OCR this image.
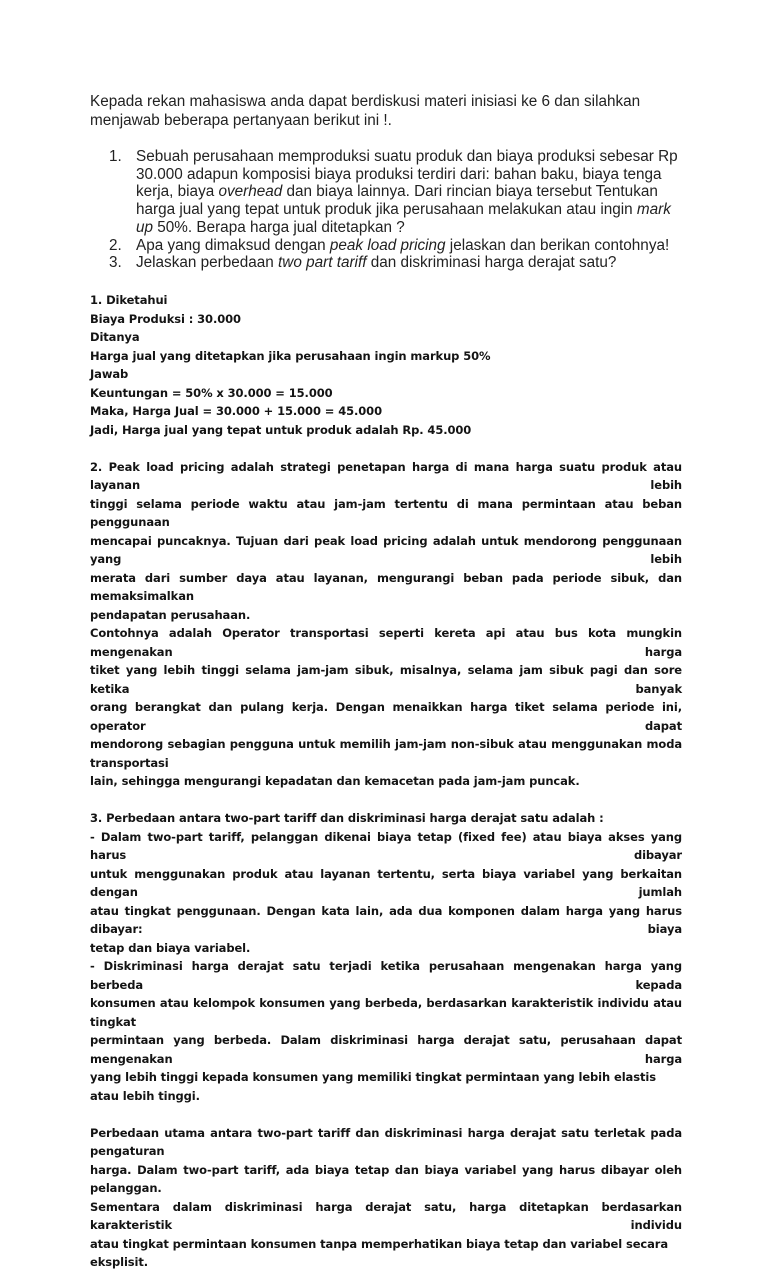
Kepada rekan mahasiswa anda dapat berdiskusi materi inisiasi ke 6 dan silahkan
menjawab beberapa pertanyaan berikut ini !.
1. Sebuah perusahaan memproduksi suatu produk dan biaya produksi sebesar Rp
30.000 adapun komposisi biaya produksi terdiri dari: bahan baku, biaya tenga
kerja, biaya overhead dan biaya lainnya. Dari rincian biaya tersebut Tentukan
harga jual yang tepat untuk produk jika perusahaan melakukan atau ingin mark
up 50%. Berapa harga jual ditetapkan ?
2. Apa yang dimaksud dengan peak load pricing jelaskan dan berikan contohnya!
3. Jelaskan perbedaan two part tariff dan diskriminasi harga derajat satu?

1. Diketahui

Biaya Produksi : 30.000

Ditanya

Harga jual yang ditetapkan jika perusahaan ingin markup 50%

Jawab

Keuntungan = 50% x 30.000 = 15.000

Maka, Harga Jual = 30.000 + 15.000 = 45.000

Jadi, Harga jual yang tepat untuk produk adalah Rp. 45.000

2. Peak load pricing adalah strategi penetapan harga di mana harga suatu produk atau layanan lebih

tinggi selama periode waktu atau jam-jam tertentu di mana permintaan atau beban penggunaan

mencapai puncaknya. Tujuan dari peak load pricing adalah untuk mendorong penggunaan yang lebih

merata dari sumber daya atau layanan, mengurangi beban pada periode sibuk, dan memaksimalkan

pendapatan perusahaan.

Contohnya adalah Operator transportasi seperti kereta api atau bus kota mungkin mengenakan harga

tiket yang lebih tinggi selama jam-jam sibuk, misalnya, selama jam sibuk pagi dan sore ketika banyak

orang berangkat dan pulang kerja. Dengan menaikkan harga tiket selama periode ini, operator dapat

mendorong sebagian pengguna untuk memilih jam-jam non-sibuk atau menggunakan moda transportasi

lain, sehingga mengurangi kepadatan dan kemacetan pada jam-jam puncak.

3. Perbedaan antara two-part tariff dan diskriminasi harga derajat satu adalah :

- Dalam two-part tariff, pelanggan dikenai biaya tetap (fixed fee) atau biaya akses yang harus dibayar

untuk menggunakan produk atau layanan tertentu, serta biaya variabel yang berkaitan dengan jumlah

atau tingkat penggunaan. Dengan kata lain, ada dua komponen dalam harga yang harus dibayar: biaya

tetap dan biaya variabel.

- Diskriminasi harga derajat satu terjadi ketika perusahaan mengenakan harga yang berbeda kepada

konsumen atau kelompok konsumen yang berbeda, berdasarkan karakteristik individu atau tingkat

permintaan yang berbeda. Dalam diskriminasi harga derajat satu, perusahaan dapat mengenakan harga

yang lebih tinggi kepada konsumen yang memiliki tingkat permintaan yang lebih elastis atau lebih tinggi.

Perbedaan utama antara two-part tariff dan diskriminasi harga derajat satu terletak pada pengaturan

harga. Dalam two-part tariff, ada biaya tetap dan biaya variabel yang harus dibayar oleh pelanggan.

Sementara dalam diskriminasi harga derajat satu, harga ditetapkan berdasarkan karakteristik individu

atau tingkat permintaan konsumen tanpa memperhatikan biaya tetap dan variabel secara eksplisit.
